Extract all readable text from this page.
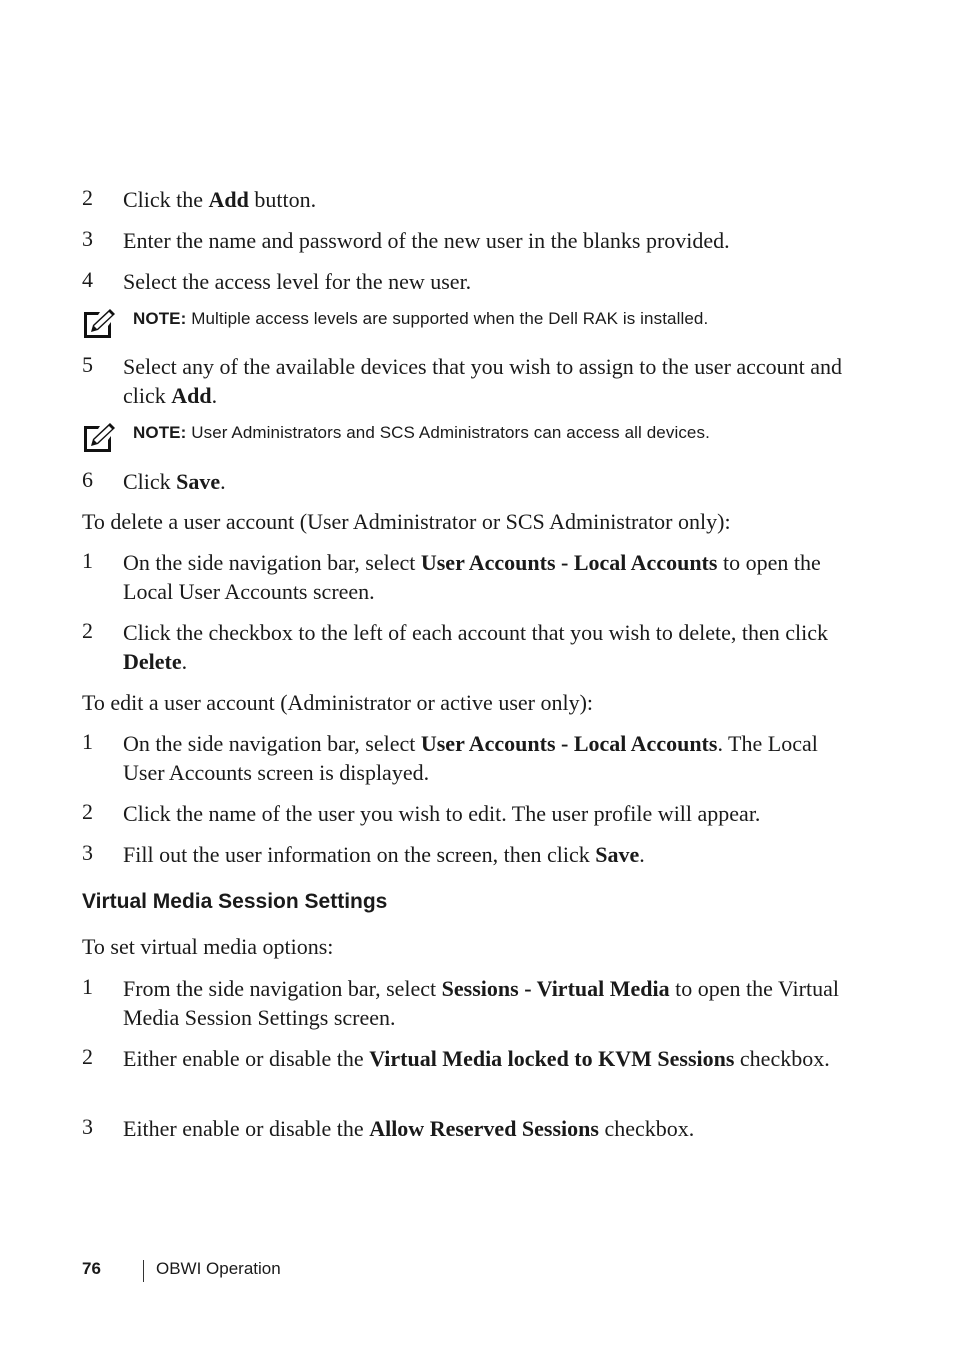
2 Click the Add button.
3 Enter the name and password of the new user in the blanks provided.
4 Select the access level for the new user.
NOTE: Multiple access levels are supported when the Dell RAK is installed.
5 Select any of the available devices that you wish to assign to the user account and click Add.
NOTE: User Administrators and SCS Administrators can access all devices.
6 Click Save.
To delete a user account (User Administrator or SCS Administrator only):
1 On the side navigation bar, select User Accounts - Local Accounts to open the Local User Accounts screen.
2 Click the checkbox to the left of each account that you wish to delete, then click Delete.
To edit a user account (Administrator or active user only):
1 On the side navigation bar, select User Accounts - Local Accounts. The Local User Accounts screen is displayed.
2 Click the name of the user you wish to edit. The user profile will appear.
3 Fill out the user information on the screen, then click Save.
Virtual Media Session Settings
To set virtual media options:
1 From the side navigation bar, select Sessions - Virtual Media to open the Virtual Media Session Settings screen.
2 Either enable or disable the Virtual Media locked to KVM Sessions checkbox.
3 Either enable or disable the Allow Reserved Sessions checkbox.
76	OBWI Operation
